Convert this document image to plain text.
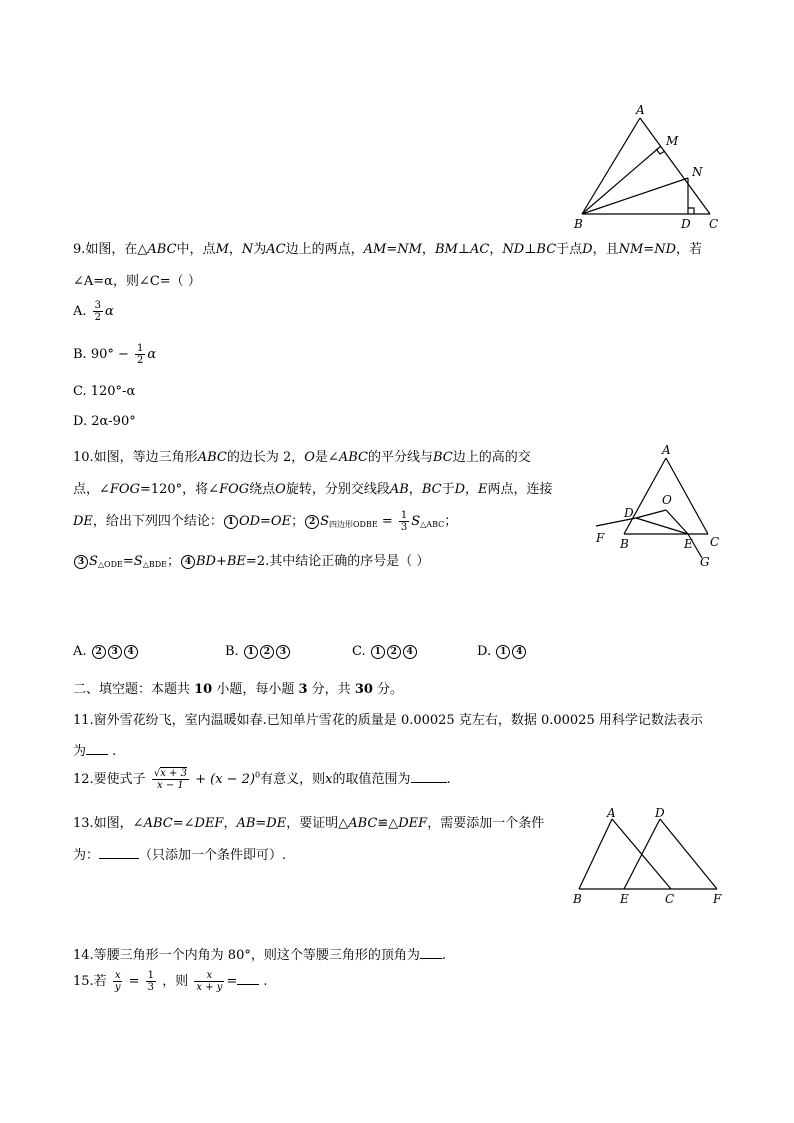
A
M
N
B	D C
9.如图，在△ABC中，点M，N为AC边上的两点，AM=NM，BM⊥AC，ND⊥BC于点D，且NM=ND，若
∠A=α，则∠C=（ ）
A. $\frac{3}{2}$ α
B. $90^\circ - \frac{1}{2}$ α
C. 120°-α
D. 2α-90°
10.如图，等边三角形ABC的边长为 2，O是∠ABC的平分线与BC边上的高的交
点，∠FOG=120°，将∠FOG绕点O旋转，分别交线段AB，BC于D，E两点，连接
DE，给出下列四个结论： 1 OD=OE； 2 $S_{四边形ODBE} = \frac{1}{3} S_{\triangle ABC}$；
3 $S_{\triangle ODE}=S_{\triangle BDE}$； 4 BD+BE=2.其中结论正确的序号是（ ）
A
O
D
F B	E C
G
A. 2 3 4	B. 1 2 3	C. 1 2 4	D. 1 4
二、填空题：本题共 10 小题，每小题 3 分，共 30 分。
11.窗外雪花纷飞，室内温暖如春.已知单片雪花的质量是 0.00025 克左右，数据 0.00025 用科学记数法表示
为 .
12.要使式子 $\frac{√x + 3}{x - 1} + (x - 2)^0$有意义，则x的取值范围为	.
13.如图，∠ABC=∠DEF，AB=DE，要证明△ABC≌△DEF，需要添加一个条件
为：	（只添加一个条件即可）.
A	D
B	E	C	F
14.等腰三角形一个内角为 80°，则这个等腰三角形的顶角为 .
15.若 $\frac{x}{y} = \frac{1}{3}$ ，则 $\frac{x}{x + y}$ = .
